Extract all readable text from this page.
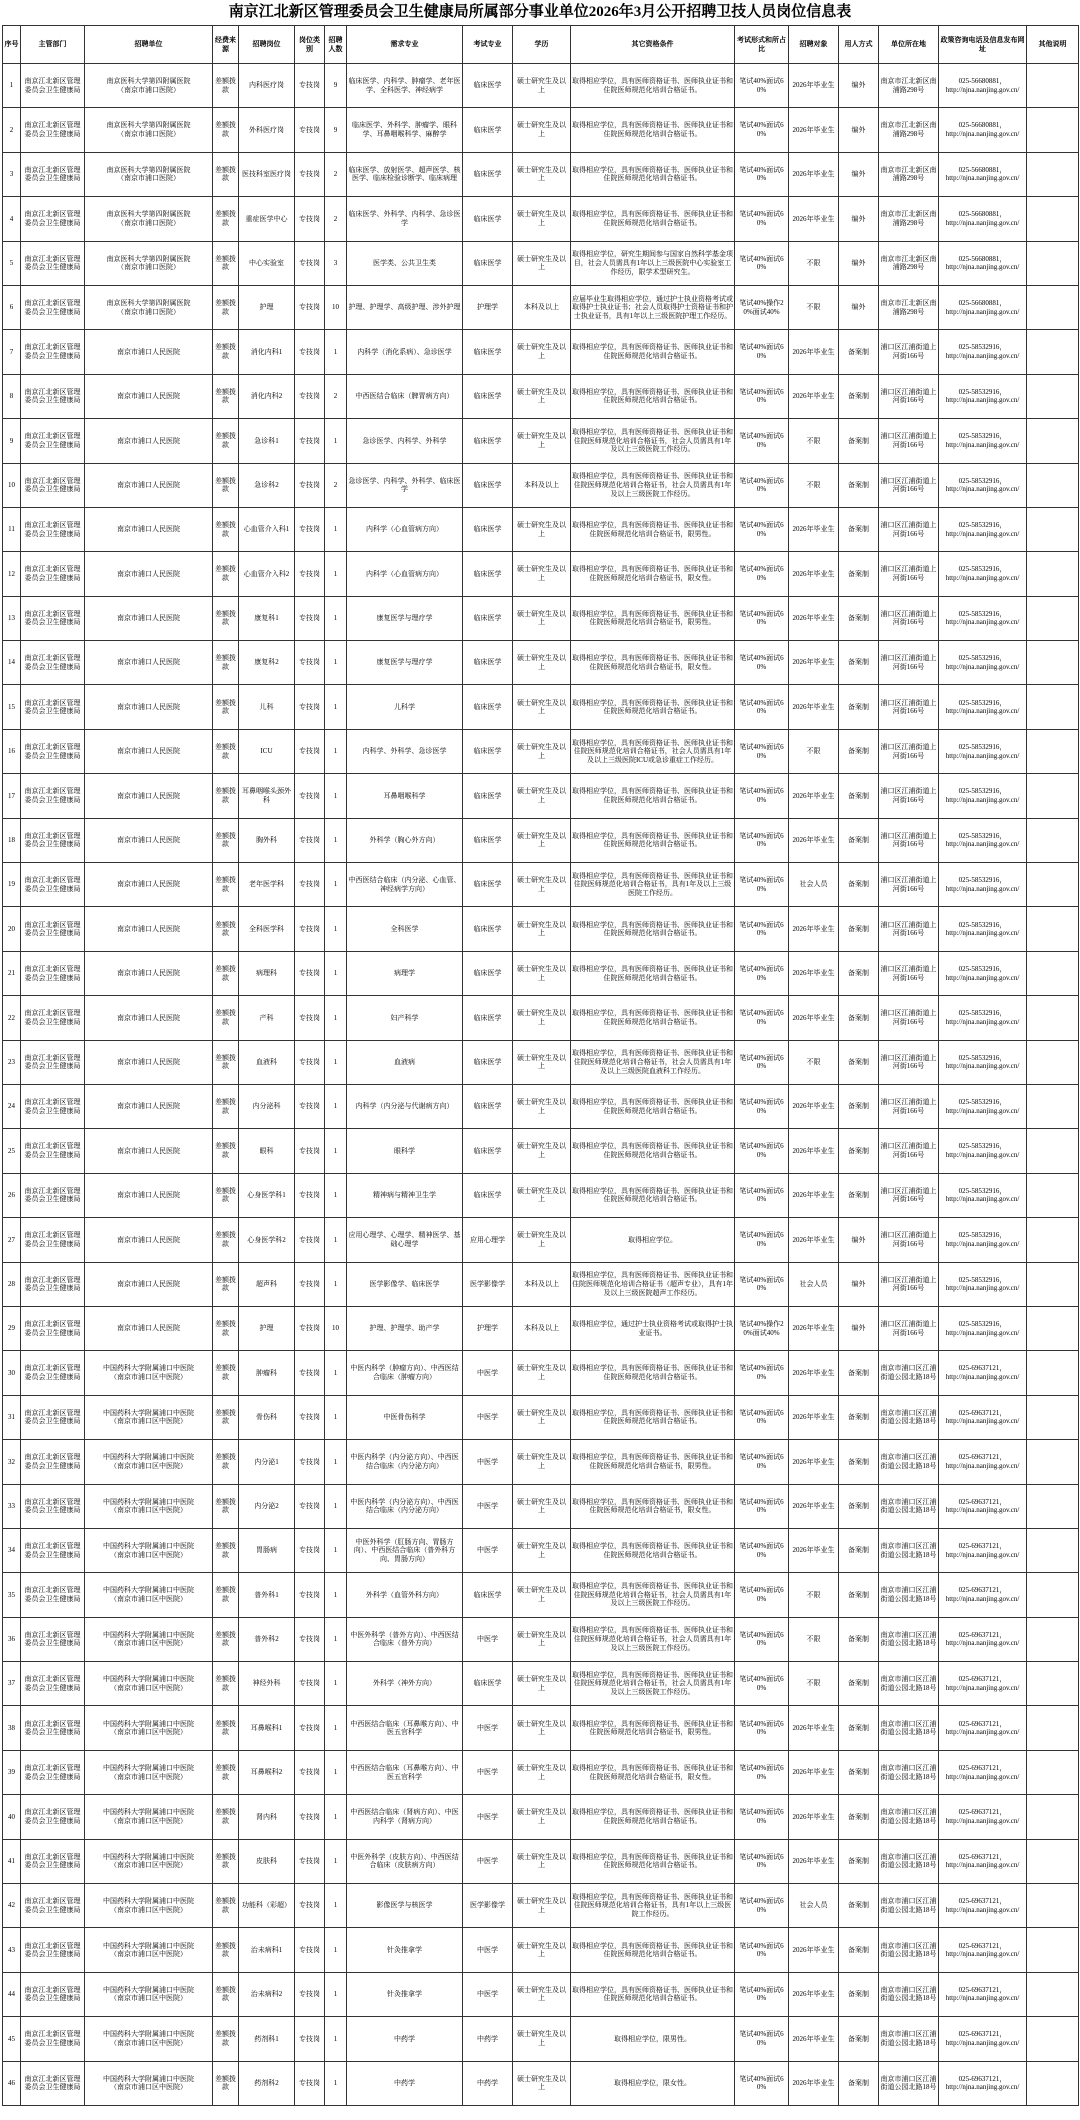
南京江北新区管理委员会卫生健康局所属部分事业单位2026年3月公开招聘卫技人员岗位信息表
序号	主管部门	招聘单位	经费来源	招聘岗位	岗位类别	招聘人数	需求专业	考试专业	学历	其它资格条件	考试形式和所占比	招聘对象	用人方式	单位所在地	政策咨询电话及信息发布网址	其他说明
1	南京江北新区管理委员会卫生健康局	南京医科大学第四附属医院
（南京市浦口医院）	差额拨款	内科医疗岗	专技岗	9	临床医学、内科学、肿瘤学、老年医学、全科医学、神经病学	临床医学	硕士研究生及以上	取得相应学位，具有医师资格证书、医师执业证书和住院医师规范化培训合格证书。	笔试40%面试60%	2026年毕业生	编外	南京市江北新区南浦路298号	025-56680881，
http://njna.nanjing.gov.cn/	

2	南京江北新区管理委员会卫生健康局	南京医科大学第四附属医院
（南京市浦口医院）	差额拨款	外科医疗岗	专技岗	9	临床医学、外科学、肿瘤学、眼科学、耳鼻咽喉科学、麻醉学	临床医学	硕士研究生及以上	取得相应学位，具有医师资格证书、医师执业证书和住院医师规范化培训合格证书。	笔试40%面试60%	2026年毕业生	编外	南京市江北新区南浦路298号	025-56680881，
http://njna.nanjing.gov.cn/	

3	南京江北新区管理委员会卫生健康局	南京医科大学第四附属医院
（南京市浦口医院）	差额拨款	医技科室医疗岗	专技岗	2	临床医学、放射医学、超声医学、核医学、临床检验诊断学、临床病理	临床医学	硕士研究生及以上	取得相应学位，具有医师资格证书、医师执业证书和住院医师规范化培训合格证书。	笔试40%面试60%	2026年毕业生	编外	南京市江北新区南浦路298号	025-56680881，
http://njna.nanjing.gov.cn/	

4	南京江北新区管理委员会卫生健康局	南京医科大学第四附属医院
（南京市浦口医院）	差额拨款	重症医学中心	专技岗	2	临床医学、外科学、内科学、急诊医学	临床医学	硕士研究生及以上	取得相应学位，具有医师资格证书、医师执业证书和住院医师规范化培训合格证书。	笔试40%面试60%	2026年毕业生	编外	南京市江北新区南浦路298号	025-56680881，
http://njna.nanjing.gov.cn/	

5	南京江北新区管理委员会卫生健康局	南京医科大学第四附属医院
（南京市浦口医院）	差额拨款	中心实验室	专技岗	3	医学类、公共卫生类	临床医学	硕士研究生及以上	取得相应学位，研究生期间参与国家自然科学基金项目，社会人员需具有1年以上三级医院中心实验室工作经历，限学术型研究生。	笔试40%面试60%	不限	编外	南京市江北新区南浦路298号	025-56680881，
http://njna.nanjing.gov.cn/	

6	南京江北新区管理委员会卫生健康局	南京医科大学第四附属医院
（南京市浦口医院）	差额拨款	护理	专技岗	10	护理、护理学、高级护理、涉外护理	护理学	本科及以上	应届毕业生取得相应学位，通过护士执业资格考试或取得护士执业证书；社会人员取得护士资格证书和护士执业证书，具有1年以上三级医院护理工作经历。	笔试40%操作20%面试40%	不限	编外	南京市江北新区南浦路298号	025-56680881，
http://njna.nanjing.gov.cn/	

7	南京江北新区管理委员会卫生健康局	南京市浦口人民医院	差额拨款	消化内科1	专技岗	1	内科学（消化系病）、急诊医学	临床医学	硕士研究生及以上	取得相应学位，具有医师资格证书、医师执业证书和住院医师规范化培训合格证书。	笔试40%面试60%	2026年毕业生	备案制	浦口区江浦街道上河街166号	025-58532916，
http://njna.nanjing.gov.cn/	

8	南京江北新区管理委员会卫生健康局	南京市浦口人民医院	差额拨款	消化内科2	专技岗	2	中西医结合临床（脾胃病方向）	临床医学	硕士研究生及以上	取得相应学位，具有医师资格证书、医师执业证书和住院医师规范化培训合格证书。	笔试40%面试60%	2026年毕业生	备案制	浦口区江浦街道上河街166号	025-58532916，
http://njna.nanjing.gov.cn/	

9	南京江北新区管理委员会卫生健康局	南京市浦口人民医院	差额拨款	急诊科1	专技岗	1	急诊医学、内科学、外科学	临床医学	硕士研究生及以上	取得相应学位，具有医师资格证书、医师执业证书和住院医师规范化培训合格证书，社会人员需具有1年及以上三级医院工作经历。	笔试40%面试60%	不限	备案制	浦口区江浦街道上河街166号	025-58532916，
http://njna.nanjing.gov.cn/	

10	南京江北新区管理委员会卫生健康局	南京市浦口人民医院	差额拨款	急诊科2	专技岗	2	急诊医学、内科学、外科学、临床医学	临床医学	本科及以上	取得相应学位，具有医师资格证书、医师执业证书和住院医师规范化培训合格证书，社会人员需具有1年及以上三级医院工作经历。	笔试40%面试60%	不限	备案制	浦口区江浦街道上河街166号	025-58532916，
http://njna.nanjing.gov.cn/	

11	南京江北新区管理委员会卫生健康局	南京市浦口人民医院	差额拨款	心血管介入科1	专技岗	1	内科学（心血管病方向）	临床医学	硕士研究生及以上	取得相应学位，具有医师资格证书、医师执业证书和住院医师规范化培训合格证书，限男性。	笔试40%面试60%	2026年毕业生	备案制	浦口区江浦街道上河街166号	025-58532916，
http://njna.nanjing.gov.cn/	

12	南京江北新区管理委员会卫生健康局	南京市浦口人民医院	差额拨款	心血管介入科2	专技岗	1	内科学（心血管病方向）	临床医学	硕士研究生及以上	取得相应学位，具有医师资格证书、医师执业证书和住院医师规范化培训合格证书，限女性。	笔试40%面试60%	2026年毕业生	备案制	浦口区江浦街道上河街166号	025-58532916，
http://njna.nanjing.gov.cn/	

13	南京江北新区管理委员会卫生健康局	南京市浦口人民医院	差额拨款	康复科1	专技岗	1	康复医学与理疗学	临床医学	硕士研究生及以上	取得相应学位，具有医师资格证书、医师执业证书和住院医师规范化培训合格证书，限男性。	笔试40%面试60%	2026年毕业生	备案制	浦口区江浦街道上河街166号	025-58532916，
http://njna.nanjing.gov.cn/	

14	南京江北新区管理委员会卫生健康局	南京市浦口人民医院	差额拨款	康复科2	专技岗	1	康复医学与理疗学	临床医学	硕士研究生及以上	取得相应学位，具有医师资格证书、医师执业证书和住院医师规范化培训合格证书，限女性。	笔试40%面试60%	2026年毕业生	备案制	浦口区江浦街道上河街166号	025-58532916，
http://njna.nanjing.gov.cn/	

15	南京江北新区管理委员会卫生健康局	南京市浦口人民医院	差额拨款	儿科	专技岗	1	儿科学	临床医学	硕士研究生及以上	取得相应学位，具有医师资格证书、医师执业证书和住院医师规范化培训合格证书。	笔试40%面试60%	2026年毕业生	备案制	浦口区江浦街道上河街166号	025-58532916，
http://njna.nanjing.gov.cn/	

16	南京江北新区管理委员会卫生健康局	南京市浦口人民医院	差额拨款	ICU	专技岗	1	内科学、外科学、急诊医学	临床医学	硕士研究生及以上	取得相应学位，具有医师资格证书、医师执业证书和住院医师规范化培训合格证书，社会人员需具有1年及以上三级医院ICU或急诊重症工作经历。	笔试40%面试60%	不限	备案制	浦口区江浦街道上河街166号	025-58532916，
http://njna.nanjing.gov.cn/	

17	南京江北新区管理委员会卫生健康局	南京市浦口人民医院	差额拨款	耳鼻咽喉头颈外科	专技岗	1	耳鼻咽喉科学	临床医学	硕士研究生及以上	取得相应学位，具有医师资格证书、医师执业证书和住院医师规范化培训合格证书。	笔试40%面试60%	2026年毕业生	备案制	浦口区江浦街道上河街166号	025-58532916，
http://njna.nanjing.gov.cn/	

18	南京江北新区管理委员会卫生健康局	南京市浦口人民医院	差额拨款	胸外科	专技岗	1	外科学（胸心外方向）	临床医学	硕士研究生及以上	取得相应学位，具有医师资格证书、医师执业证书和住院医师规范化培训合格证书。	笔试40%面试60%	2026年毕业生	备案制	浦口区江浦街道上河街166号	025-58532916，
http://njna.nanjing.gov.cn/	

19	南京江北新区管理委员会卫生健康局	南京市浦口人民医院	差额拨款	老年医学科	专技岗	1	中西医结合临床（内分泌、心血管、神经病学方向）	临床医学	硕士研究生及以上	取得相应学位，具有医师资格证书、医师执业证书和住院医师规范化培训合格证书，具有1年及以上三级医院工作经历。	笔试40%面试60%	社会人员	备案制	浦口区江浦街道上河街166号	025-58532916，
http://njna.nanjing.gov.cn/	

20	南京江北新区管理委员会卫生健康局	南京市浦口人民医院	差额拨款	全科医学科	专技岗	1	全科医学	临床医学	硕士研究生及以上	取得相应学位，具有医师资格证书、医师执业证书和住院医师规范化培训合格证书。	笔试40%面试60%	2026年毕业生	备案制	浦口区江浦街道上河街166号	025-58532916，
http://njna.nanjing.gov.cn/	

21	南京江北新区管理委员会卫生健康局	南京市浦口人民医院	差额拨款	病理科	专技岗	1	病理学	临床医学	硕士研究生及以上	取得相应学位，具有医师资格证书、医师执业证书和住院医师规范化培训合格证书。	笔试40%面试60%	2026年毕业生	备案制	浦口区江浦街道上河街166号	025-58532916，
http://njna.nanjing.gov.cn/	

22	南京江北新区管理委员会卫生健康局	南京市浦口人民医院	差额拨款	产科	专技岗	1	妇产科学	临床医学	硕士研究生及以上	取得相应学位，具有医师资格证书、医师执业证书和住院医师规范化培训合格证书。	笔试40%面试60%	2026年毕业生	备案制	浦口区江浦街道上河街166号	025-58532916，
http://njna.nanjing.gov.cn/	

23	南京江北新区管理委员会卫生健康局	南京市浦口人民医院	差额拨款	血液科	专技岗	1	血液病	临床医学	硕士研究生及以上	取得相应学位，具有医师资格证书、医师执业证书和住院医师规范化培训合格证书，社会人员需具有1年及以上三级医院血液科工作经历。	笔试40%面试60%	不限	备案制	浦口区江浦街道上河街166号	025-58532916，
http://njna.nanjing.gov.cn/	

24	南京江北新区管理委员会卫生健康局	南京市浦口人民医院	差额拨款	内分泌科	专技岗	1	内科学（内分泌与代谢病方向）	临床医学	硕士研究生及以上	取得相应学位，具有医师资格证书、医师执业证书和住院医师规范化培训合格证书。	笔试40%面试60%	2026年毕业生	备案制	浦口区江浦街道上河街166号	025-58532916，
http://njna.nanjing.gov.cn/	

25	南京江北新区管理委员会卫生健康局	南京市浦口人民医院	差额拨款	眼科	专技岗	1	眼科学	临床医学	硕士研究生及以上	取得相应学位，具有医师资格证书、医师执业证书和住院医师规范化培训合格证书。	笔试40%面试60%	2026年毕业生	备案制	浦口区江浦街道上河街166号	025-58532916，
http://njna.nanjing.gov.cn/	

26	南京江北新区管理委员会卫生健康局	南京市浦口人民医院	差额拨款	心身医学科1	专技岗	1	精神病与精神卫生学	临床医学	硕士研究生及以上	取得相应学位，具有医师资格证书、医师执业证书和住院医师规范化培训合格证书。	笔试40%面试60%	2026年毕业生	备案制	浦口区江浦街道上河街166号	025-58532916，
http://njna.nanjing.gov.cn/	

27	南京江北新区管理委员会卫生健康局	南京市浦口人民医院	差额拨款	心身医学科2	专技岗	1	应用心理学、心理学、精神医学、基础心理学	应用心理学	硕士研究生及以上	取得相应学位。	笔试40%面试60%	2026年毕业生	编外	浦口区江浦街道上河街166号	025-58532916，
http://njna.nanjing.gov.cn/	

28	南京江北新区管理委员会卫生健康局	南京市浦口人民医院	差额拨款	超声科	专技岗	1	医学影像学、临床医学	医学影像学	本科及以上	取得相应学位，具有医师资格证书、医师执业证书和住院医师规范化培训合格证书（超声专业），具有1年及以上三级医院超声工作经历。	笔试40%面试60%	社会人员	编外	浦口区江浦街道上河街166号	025-58532916，
http://njna.nanjing.gov.cn/	

29	南京江北新区管理委员会卫生健康局	南京市浦口人民医院	差额拨款	护理	专技岗	10	护理、护理学、助产学	护理学	本科及以上	取得相应学位，通过护士执业资格考试或取得护士执业证书。	笔试40%操作20%面试40%	2026年毕业生	编外	浦口区江浦街道上河街166号	025-58532916，
http://njna.nanjing.gov.cn/	

30	南京江北新区管理委员会卫生健康局	中国药科大学附属浦口中医院
（南京市浦口区中医院）	差额拨款	肿瘤科	专技岗	1	中医内科学（肿瘤方向）、中西医结合临床（肿瘤方向）	中医学	硕士研究生及以上	取得相应学位，具有医师资格证书、医师执业证书和住院医师规范化培训合格证书。	笔试40%面试60%	2026年毕业生	备案制	南京市浦口区江浦街道公园北路18号	025-69637121，
http://njna.nanjing.gov.cn/	

31	南京江北新区管理委员会卫生健康局	中国药科大学附属浦口中医院
（南京市浦口区中医院）	差额拨款	骨伤科	专技岗	1	中医骨伤科学	中医学	硕士研究生及以上	取得相应学位，具有医师资格证书、医师执业证书和住院医师规范化培训合格证书。	笔试40%面试60%	2026年毕业生	备案制	南京市浦口区江浦街道公园北路18号	025-69637121，
http://njna.nanjing.gov.cn/	

32	南京江北新区管理委员会卫生健康局	中国药科大学附属浦口中医院
（南京市浦口区中医院）	差额拨款	内分泌1	专技岗	1	中医内科学（内分泌方向）、中西医结合临床（内分泌方向）	中医学	硕士研究生及以上	取得相应学位，具有医师资格证书、医师执业证书和住院医师规范化培训合格证书，限男性。	笔试40%面试60%	2026年毕业生	备案制	南京市浦口区江浦街道公园北路18号	025-69637121，
http://njna.nanjing.gov.cn/	

33	南京江北新区管理委员会卫生健康局	中国药科大学附属浦口中医院
（南京市浦口区中医院）	差额拨款	内分泌2	专技岗	1	中医内科学（内分泌方向）、中西医结合临床（内分泌方向）	中医学	硕士研究生及以上	取得相应学位，具有医师资格证书、医师执业证书和住院医师规范化培训合格证书，限女性。	笔试40%面试60%	2026年毕业生	备案制	南京市浦口区江浦街道公园北路18号	025-69637121，
http://njna.nanjing.gov.cn/	

34	南京江北新区管理委员会卫生健康局	中国药科大学附属浦口中医院
（南京市浦口区中医院）	差额拨款	胃肠病	专技岗	1	中医外科学（肛肠方向、胃肠方向）、中西医结合临床（普外科方向、胃肠方向）	中医学	硕士研究生及以上	取得相应学位，具有医师资格证书、医师执业证书和住院医师规范化培训合格证书。	笔试40%面试60%	2026年毕业生	备案制	南京市浦口区江浦街道公园北路18号	025-69637121，
http://njna.nanjing.gov.cn/	

35	南京江北新区管理委员会卫生健康局	中国药科大学附属浦口中医院
（南京市浦口区中医院）	差额拨款	普外科1	专技岗	1	外科学（血管外科方向）	临床医学	硕士研究生及以上	取得相应学位，具有医师资格证书、医师执业证书和住院医师规范化培训合格证书，社会人员需具有1年及以上三级医院工作经历。	笔试40%面试60%	不限	备案制	南京市浦口区江浦街道公园北路18号	025-69637121，
http://njna.nanjing.gov.cn/	

36	南京江北新区管理委员会卫生健康局	中国药科大学附属浦口中医院
（南京市浦口区中医院）	差额拨款	普外科2	专技岗	1	中医外科学（普外方向）、中西医结合临床（普外方向）	中医学	硕士研究生及以上	取得相应学位，具有医师资格证书、医师执业证书和住院医师规范化培训合格证书，社会人员需具有1年及以上三级医院工作经历。	笔试40%面试60%	不限	备案制	南京市浦口区江浦街道公园北路18号	025-69637121，
http://njna.nanjing.gov.cn/	

37	南京江北新区管理委员会卫生健康局	中国药科大学附属浦口中医院
（南京市浦口区中医院）	差额拨款	神经外科	专技岗	1	外科学（神外方向）	临床医学	硕士研究生及以上	取得相应学位，具有医师资格证书、医师执业证书和住院医师规范化培训合格证书，社会人员需具有1年及以上三级医院工作经历。	笔试40%面试60%	不限	备案制	南京市浦口区江浦街道公园北路18号	025-69637121，
http://njna.nanjing.gov.cn/	

38	南京江北新区管理委员会卫生健康局	中国药科大学附属浦口中医院
（南京市浦口区中医院）	差额拨款	耳鼻喉科1	专技岗	1	中西医结合临床（耳鼻喉方向）、中医五官科学	中医学	硕士研究生及以上	取得相应学位，具有医师资格证书、医师执业证书和住院医师规范化培训合格证书，限男性。	笔试40%面试60%	2026年毕业生	备案制	南京市浦口区江浦街道公园北路18号	025-69637121，
http://njna.nanjing.gov.cn/	

39	南京江北新区管理委员会卫生健康局	中国药科大学附属浦口中医院
（南京市浦口区中医院）	差额拨款	耳鼻喉科2	专技岗	1	中西医结合临床（耳鼻喉方向）、中医五官科学	中医学	硕士研究生及以上	取得相应学位，具有医师资格证书、医师执业证书和住院医师规范化培训合格证书，限女性。	笔试40%面试60%	2026年毕业生	备案制	南京市浦口区江浦街道公园北路18号	025-69637121，
http://njna.nanjing.gov.cn/	

40	南京江北新区管理委员会卫生健康局	中国药科大学附属浦口中医院
（南京市浦口区中医院）	差额拨款	肾内科	专技岗	1	中西医结合临床（肾病方向）、中医内科学（肾病方向）	中医学	硕士研究生及以上	取得相应学位，具有医师资格证书、医师执业证书和住院医师规范化培训合格证书。	笔试40%面试60%	2026年毕业生	备案制	南京市浦口区江浦街道公园北路18号	025-69637121，
http://njna.nanjing.gov.cn/	

41	南京江北新区管理委员会卫生健康局	中国药科大学附属浦口中医院
（南京市浦口区中医院）	差额拨款	皮肤科	专技岗	1	中医外科学（皮肤方向）、中西医结合临床（皮肤病方向）	中医学	硕士研究生及以上	取得相应学位，具有医师资格证书、医师执业证书和住院医师规范化培训合格证书。	笔试40%面试60%	2026年毕业生	备案制	南京市浦口区江浦街道公园北路18号	025-69637121，
http://njna.nanjing.gov.cn/	

42	南京江北新区管理委员会卫生健康局	中国药科大学附属浦口中医院
（南京市浦口区中医院）	差额拨款	功能科（彩超）	专技岗	1	影像医学与核医学	医学影像学	硕士研究生及以上	取得相应学位，具有医师资格证书、医师执业证书和住院医师规范化培训合格证书，具有1年以上三级医院工作经历。	笔试40%面试60%	社会人员	备案制	南京市浦口区江浦街道公园北路18号	025-69637121，
http://njna.nanjing.gov.cn/	

43	南京江北新区管理委员会卫生健康局	中国药科大学附属浦口中医院
（南京市浦口区中医院）	差额拨款	治未病科1	专技岗	1	针灸推拿学	中医学	硕士研究生及以上	取得相应学位，具有医师资格证书、医师执业证书和住院医师规范化培训合格证书。	笔试40%面试60%	2026年毕业生	备案制	南京市浦口区江浦街道公园北路18号	025-69637121，
http://njna.nanjing.gov.cn/	

44	南京江北新区管理委员会卫生健康局	中国药科大学附属浦口中医院
（南京市浦口区中医院）	差额拨款	治未病科2	专技岗	1	针灸推拿学	中医学	硕士研究生及以上	取得相应学位，具有医师资格证书、医师执业证书和住院医师规范化培训合格证书。	笔试40%面试60%	2026年毕业生	备案制	南京市浦口区江浦街道公园北路18号	025-69637121，
http://njna.nanjing.gov.cn/	

45	南京江北新区管理委员会卫生健康局	中国药科大学附属浦口中医院
（南京市浦口区中医院）	差额拨款	药剂科1	专技岗	1	中药学	中药学	硕士研究生及以上	取得相应学位，限男性。	笔试40%面试60%	2026年毕业生	备案制	南京市浦口区江浦街道公园北路18号	025-69637121，
http://njna.nanjing.gov.cn/	

46	南京江北新区管理委员会卫生健康局	中国药科大学附属浦口中医院
（南京市浦口区中医院）	差额拨款	药剂科2	专技岗	1	中药学	中药学	硕士研究生及以上	取得相应学位，限女性。	笔试40%面试60%	2026年毕业生	备案制	南京市浦口区江浦街道公园北路18号	025-69637121，
http://njna.nanjing.gov.cn/	
